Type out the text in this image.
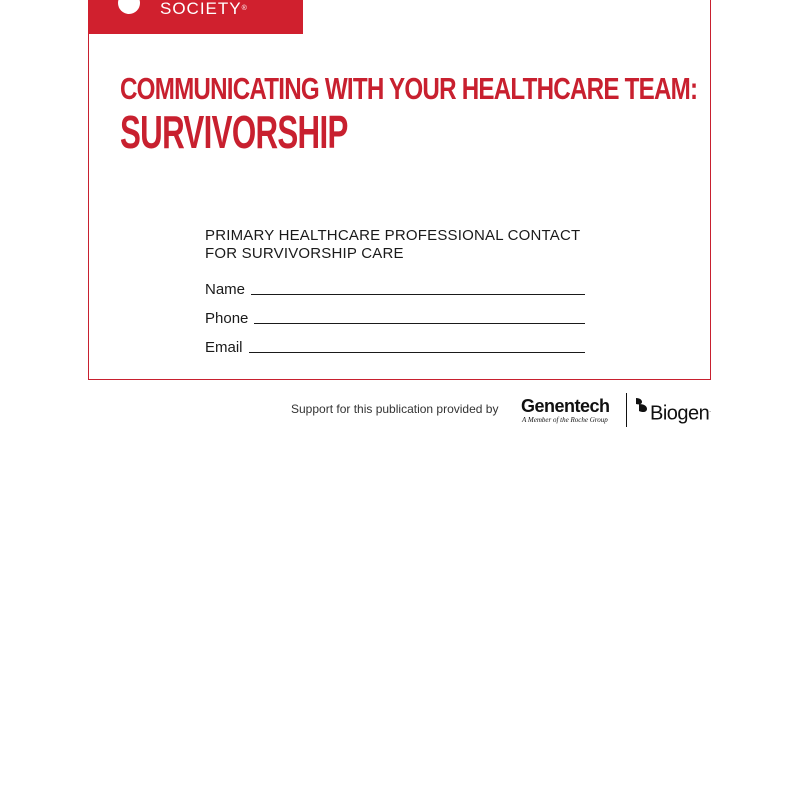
SOCIETY®
COMMUNICATING WITH YOUR HEALTHCARE TEAM:
SURVIVORSHIP
PRIMARY HEALTHCARE PROFESSIONAL CONTACT
FOR SURVIVORSHIP CARE
Name
Phone
Email
Support for this publication provided by Genentech
A Member of the Roche Group Biogen.
